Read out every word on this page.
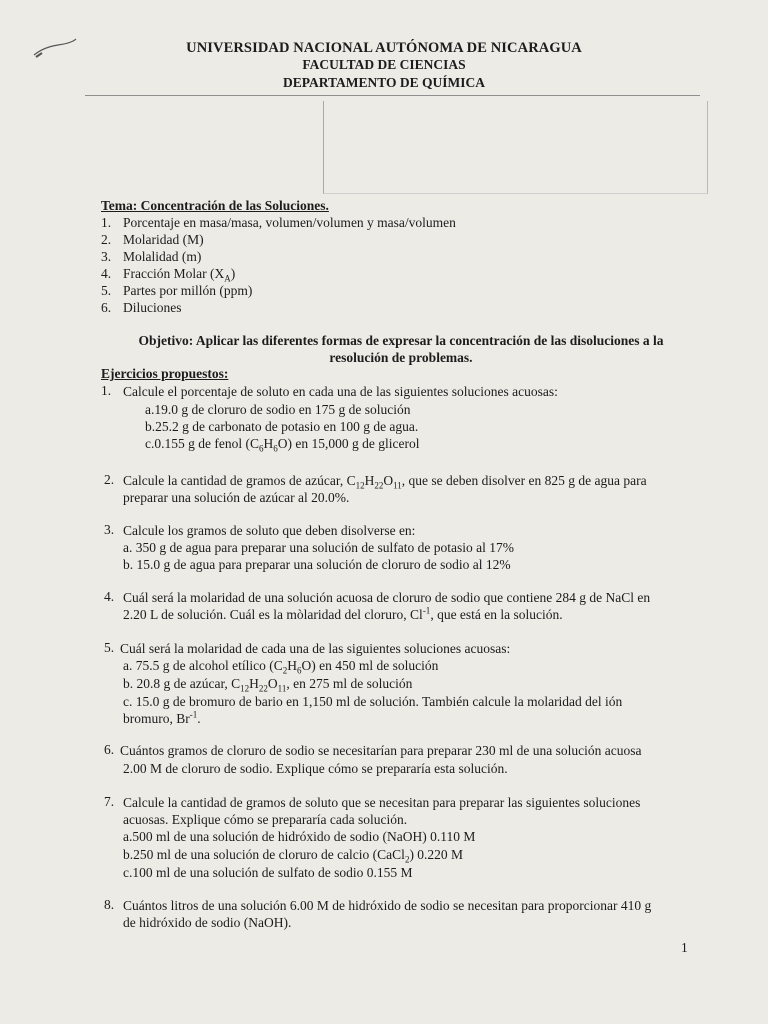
UNIVERSIDAD NACIONAL AUTÓNOMA DE NICARAGUA
FACULTAD DE CIENCIAS
DEPARTAMENTO DE QUÍMICA
Tema: Concentración de las Soluciones.
1. Porcentaje en masa/masa, volumen/volumen y masa/volumen
2. Molaridad (M)
3. Molalidad (m)
4. Fracción Molar $(X_A)$
5. Partes por millón (ppm)
6. Diluciones
Objetivo: Aplicar las diferentes formas de expresar la concentración de las disoluciones a la resolución de problemas.
Ejercicios propuestos:
1. Calcule el porcentaje de soluto en cada una de las siguientes soluciones acuosas:
a.19.0 g de cloruro de sodio en 175 g de solución
b.25.2 g de carbonato de potasio en 100 g de agua.
c.0.155 g de fenol $(C_6H_6O)$ en 15,000 g de glicerol
2. Calcule la cantidad de gramos de azúcar, $C_{12}H_{22}O_{11}$, que se deben disolver en 825 g de agua para
preparar una solución de azúcar al 20.0%.
3. Calcule los gramos de soluto que deben disolverse en:
a. 350 g de agua para preparar una solución de sulfato de potasio al 17%
b. 15.0 g de agua para preparar una solución de cloruro de sodio al 12%
4. Cuál será la molaridad de una solución acuosa de cloruro de sodio que contiene 284 g de NaCl en
2.20 L de solución. Cuál es la mòlaridad del cloruro, $Cl^{-1}$, que está en la solución.
5. Cuál será la molaridad de cada una de las siguientes soluciones acuosas:
a. 75.5 g de alcohol etílico $(C_2H_6O)$ en 450 ml de solución
b. 20.8 g de azúcar, $C_{12}H_{22}O_{11}$, en 275 ml de solución
c. 15.0 g de bromuro de bario en 1,150 ml de solución. También calcule la molaridad del ión
bromuro, $Br^{-1}$.
6. Cuántos gramos de cloruro de sodio se necesitarían para preparar 230 ml de una solución acuosa
2.00 M de cloruro de sodio. Explique cómo se prepararía esta solución.
7. Calcule la cantidad de gramos de soluto que se necesitan para preparar las siguientes soluciones
acuosas. Explique cómo se prepararía cada solución.
a.500 ml de una solución de hidróxido de sodio (NaOH) 0.110 M
b.250 ml de una solución de cloruro de calcio (CaCl$_2$) 0.220 M
c.100 ml de una solución de sulfato de sodio 0.155 M
8. Cuántos litros de una solución 6.00 M de hidróxido de sodio se necesitan para proporcionar 410 g
de hidróxido de sodio (NaOH).
1
